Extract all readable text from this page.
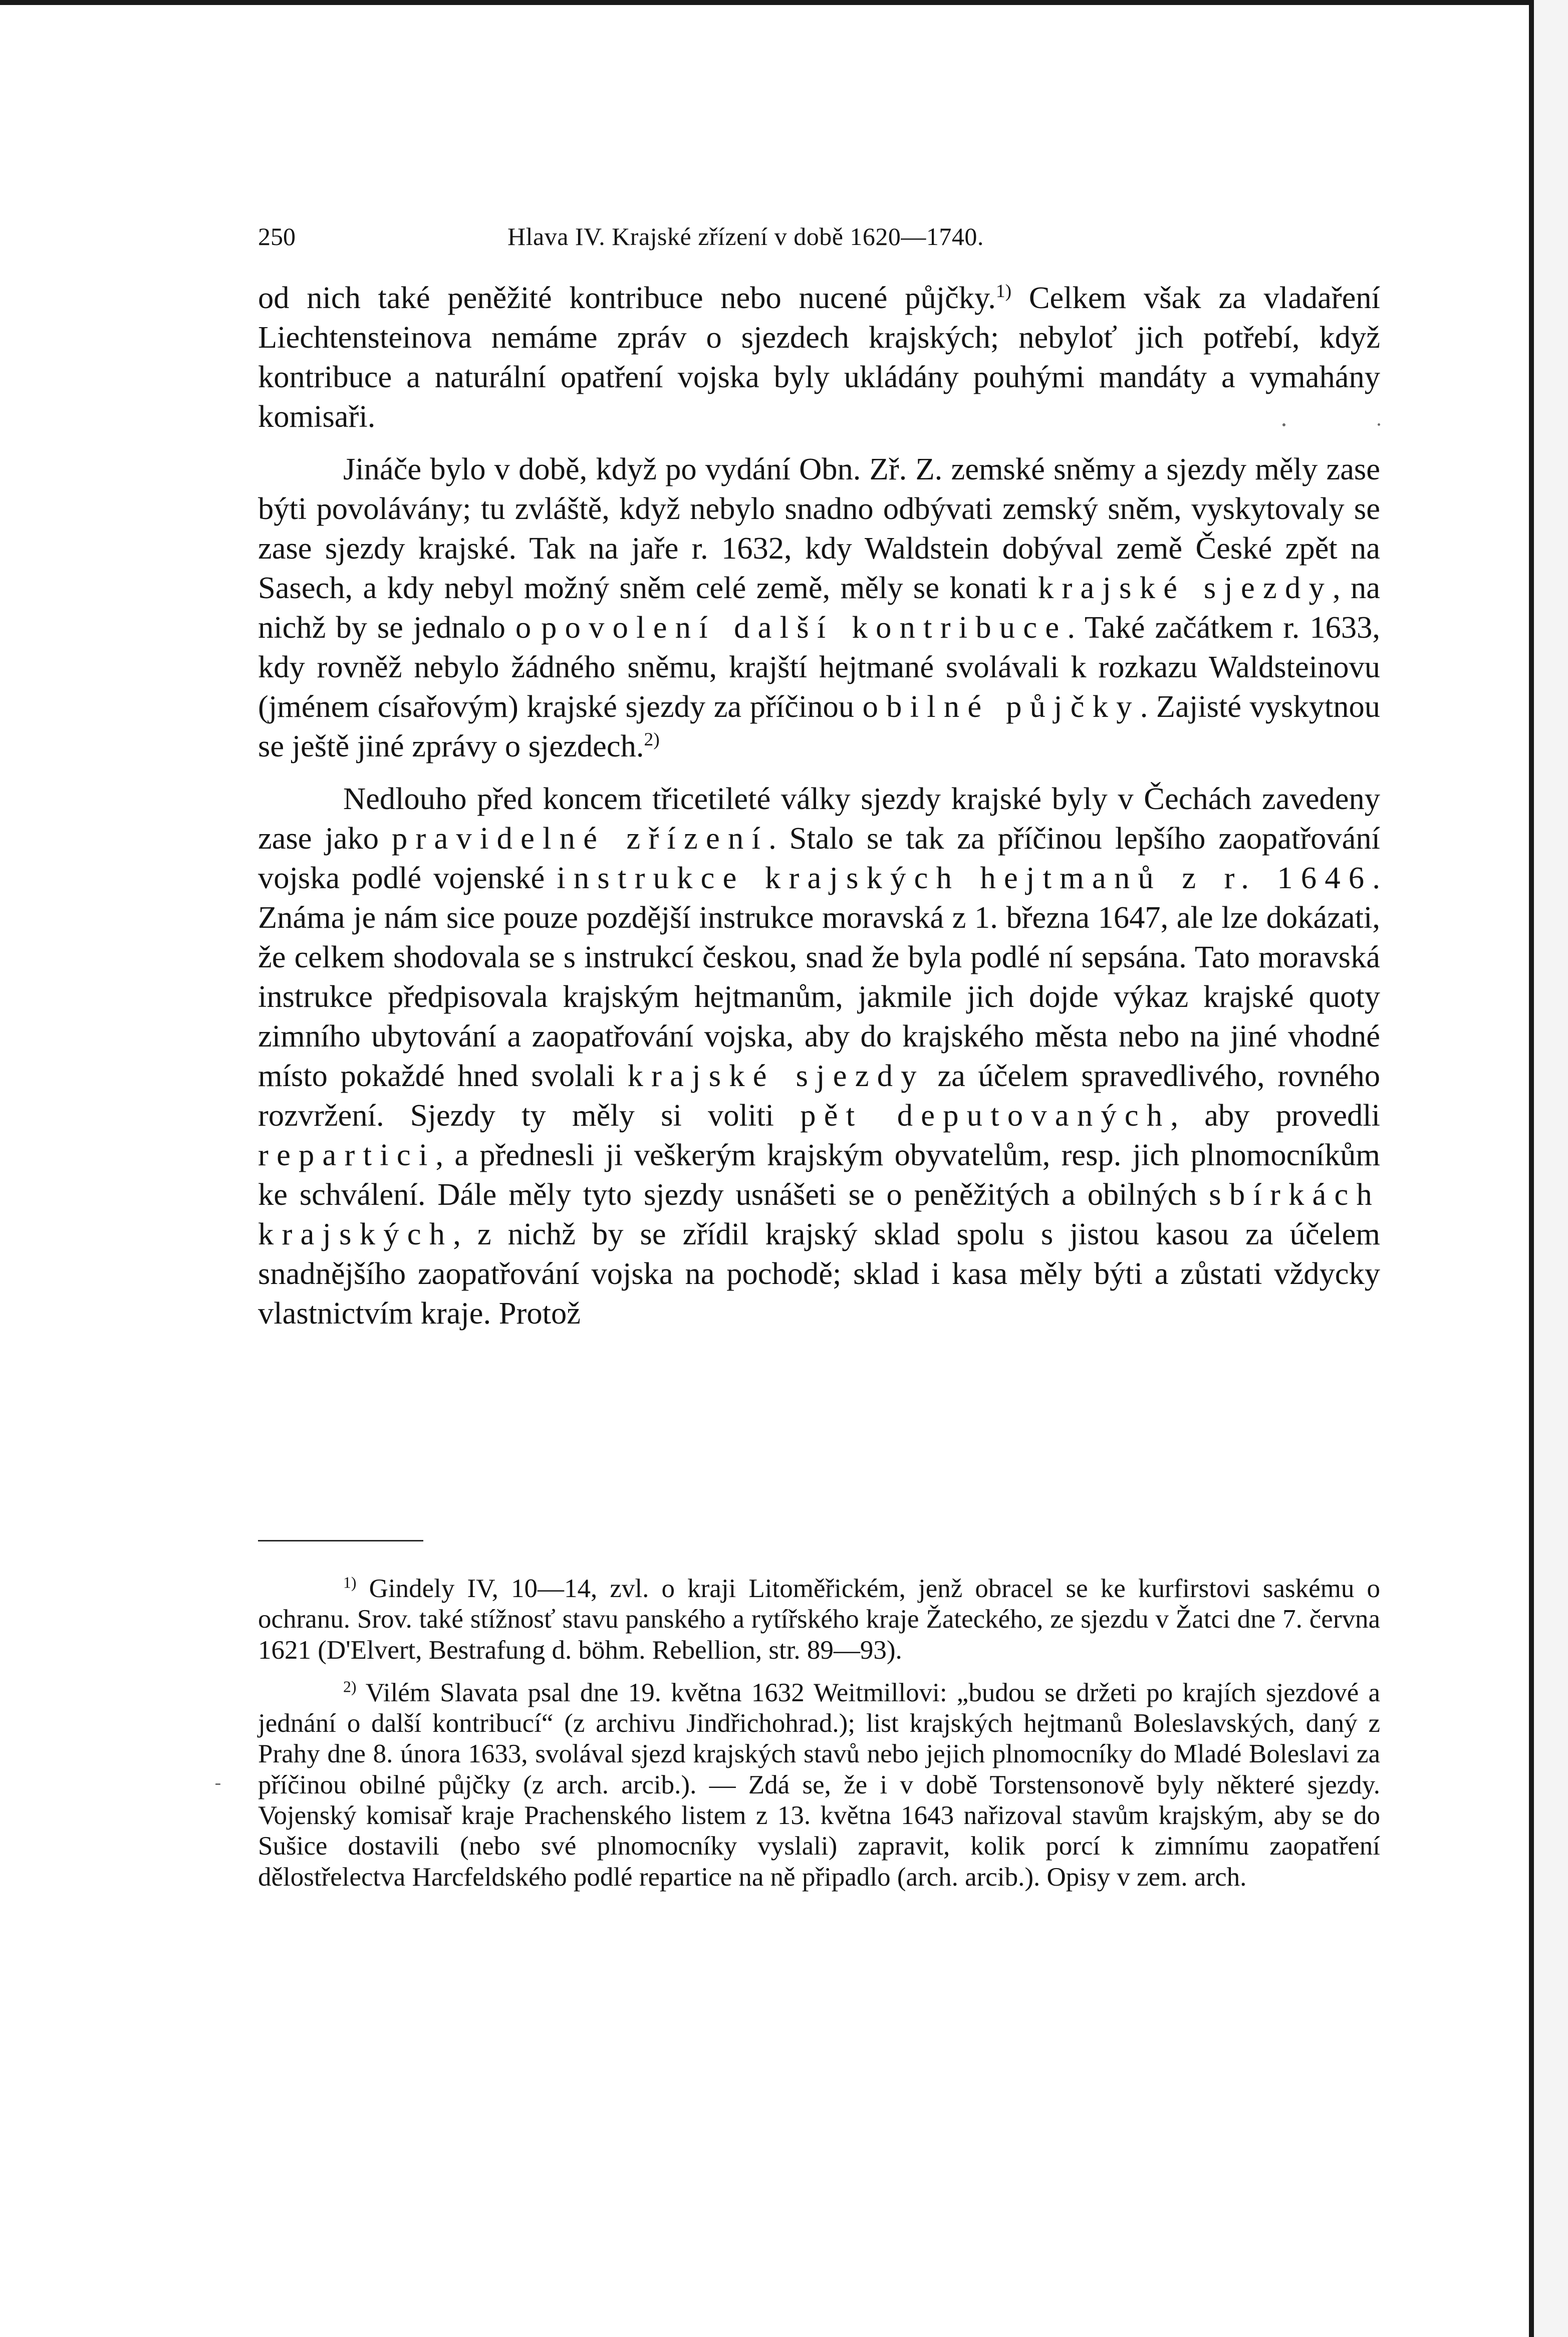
250	Hlava IV. Krajské zřízení v době 1620—1740.

od nich také peněžité kontribuce nebo nucené půjčky.$^{1)}$ Celkem však za vladaření Liechtensteinova nemáme zpráv o sjezdech krajských; nebyloť jich potřebí, když kontribuce a naturální opatření vojska byly ukládány pouhými mandáty a vymahány komisaři.

Jináče bylo v době, když po vydání Obn. Zř. Z. zemské sněmy a sjezdy měly zase býti povolávány; tu zvláště, když nebylo snadno odbývati zemský sněm, vyskytovaly se zase sjezdy krajské. Tak na jaře r. 1632, kdy Waldstein dobýval země České zpět na Sasech, a kdy nebyl možný sněm celé země, měly se konati krajské sjezdy, na nichž by se jednalo o povolení další kontribuce. Také začátkem r. 1633, kdy rovněž nebylo žádného sněmu, krajští hejtmané svolávali k rozkazu Waldsteinovu (jménem císařovým) krajské sjezdy za příčinou obilné půjčky. Zajisté vyskytnou se ještě jiné zprávy o sjezdech.$^{2)}$

Nedlouho před koncem třicetileté války sjezdy krajské byly v Čechách zavedeny zase jako pravidelné zřízení. Stalo se tak za příčinou lepšího zaopatřování vojska podlé vojenské instrukce krajských hejtmanů z r. 1646. Známa je nám sice pouze pozdější instrukce moravská z 1. března 1647, ale lze dokázati, že celkem shodovala se s instrukcí českou, snad že byla podlé ní sepsána. Tato moravská instrukce předpisovala krajským hejtmanům, jakmile jich dojde výkaz krajské quoty zimního ubytování a zaopatřování vojska, aby do krajského města nebo na jiné vhodné místo pokaždé hned svolali krajské sjezdy za účelem spravedlivého, rovného rozvržení. Sjezdy ty měly si voliti pět deputovaných, aby provedli repartici, a přednesli ji veškerým krajským obyvatelům, resp. jich plnomocníkům ke schválení. Dále měly tyto sjezdy usnášeti se o peněžitých a obilných sbírkách krajských, z nichž by se zřídil krajský sklad spolu s jistou kasou za účelem snadnějšího zaopatřování vojska na pochodě; sklad i kasa měly býti a zůstati vždycky vlastnictvím kraje. Protož

$^{1)}$ Gindely IV, 10—14, zvl. o kraji Litoměřickém, jenž obracel se ke kurfirstovi saskému o ochranu. Srov. také stížnosť stavu panského a rytířského kraje Žateckého, ze sjezdu v Žatci dne 7. června 1621 (D'Elvert, Bestrafung d. böhm. Rebellion, str. 89—93).

$^{2)}$ Vilém Slavata psal dne 19. května 1632 Weitmillovi: „budou se držeti po krajích sjezdové a jednání o další kontribucí“ (z archivu Jindřichohrad.); list krajských hejtmanů Boleslavských, daný z Prahy dne 8. února 1633, svolával sjezd krajských stavů nebo jejich plnomocníky do Mladé Boleslavi za příčinou obilné půjčky (z arch. arcib.). — Zdá se, že i v době Torstensonově byly některé sjezdy. Vojenský komisař kraje Prachenského listem z 13. května 1643 nařizoval stavům krajským, aby se do Sušice dostavili (nebo své plnomocníky vyslali) zapravit, kolik porcí k zimnímu zaopatření dělostřelectva Harcfeldského podlé repartice na ně připadlo (arch. arcib.). Opisy v zem. arch.
